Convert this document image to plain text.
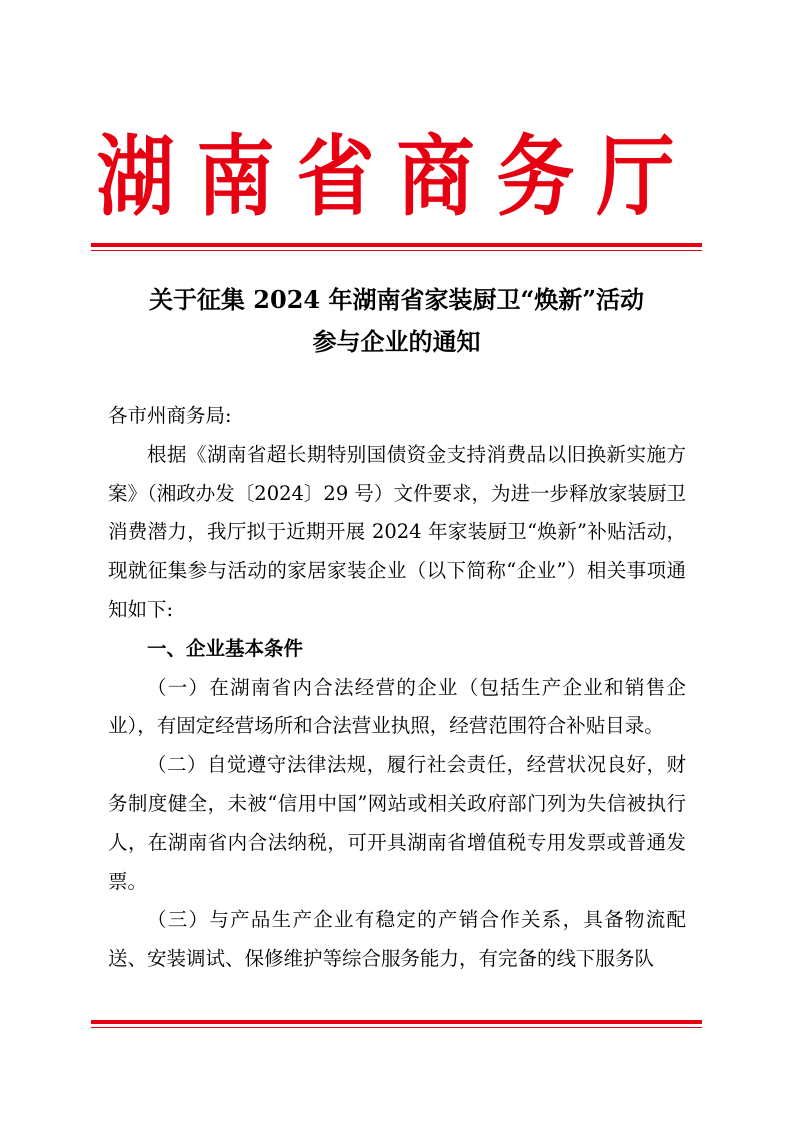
湖南省商务厅
关于征集 2024 年湖南省家装厨卫“焕新”活动
参与企业的通知

各市州商务局:

根据《湖南省超长期特别国债资金支持消费品以旧换新实施方案》（湘政办发〔2024〕29 号）文件要求，为进一步释放家装厨卫消费潜力，我厅拟于近期开展 2024 年家装厨卫“焕新”补贴活动，现就征集参与活动的家居家装企业（以下简称“企业”）相关事项通知如下:

一、企业基本条件

（一）在湖南省内合法经营的企业（包括生产企业和销售企业），有固定经营场所和合法营业执照，经营范围符合补贴目录。

（二）自觉遵守法律法规，履行社会责任，经营状况良好，财务制度健全，未被“信用中国”网站或相关政府部门列为失信被执行人，在湖南省内合法纳税，可开具湖南省增值税专用发票或普通发票。

（三）与产品生产企业有稳定的产销合作关系，具备物流配送、安装调试、保修维护等综合服务能力，有完备的线下服务队
